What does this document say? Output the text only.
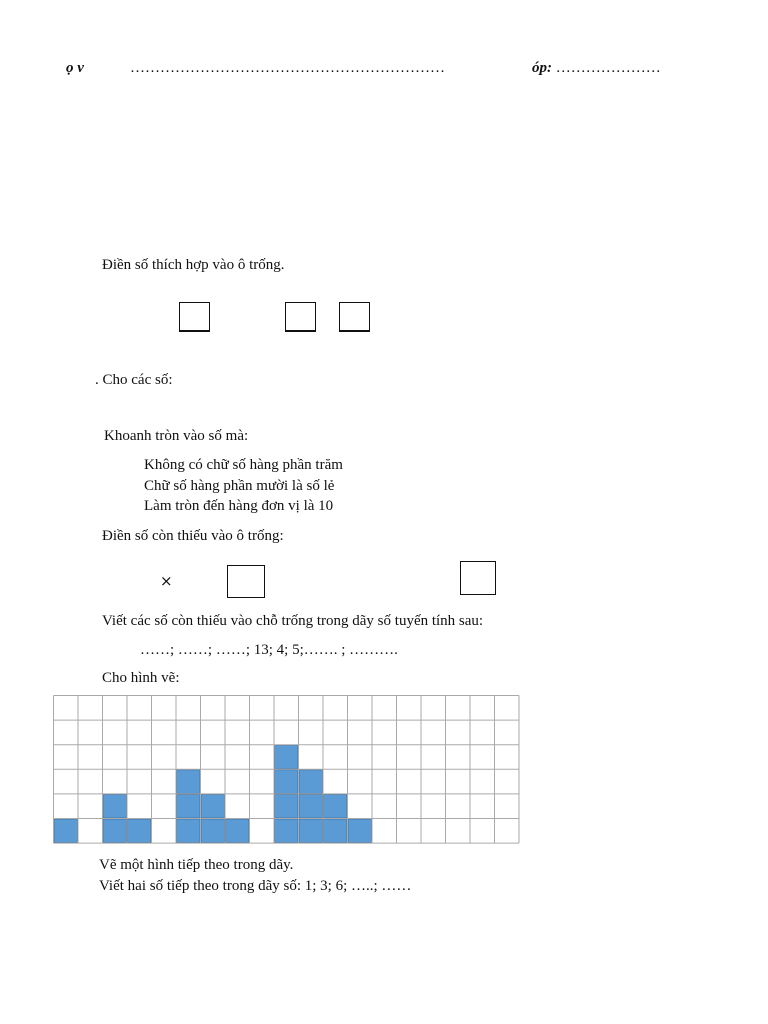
ọ v	………………………………………………………	óp: …………………
Điền số thích hợp vào ô trống.
. Cho các số:
Khoanh tròn vào số mà:
Không có chữ số hàng phần trăm
Chữ số hàng phần mười là số lẻ
Làm tròn đến hàng đơn vị là 10
Điền số còn thiếu vào ô trống:
×
Viết các số còn thiếu vào chỗ trống trong dãy số tuyến tính sau:
……; ……; ……; 13; 4; 5;……. ; ……….
Cho hình vẽ:
Vẽ một hình tiếp theo trong dãy.
Viết hai số tiếp theo trong dãy số: 1; 3; 6; …..; ……
